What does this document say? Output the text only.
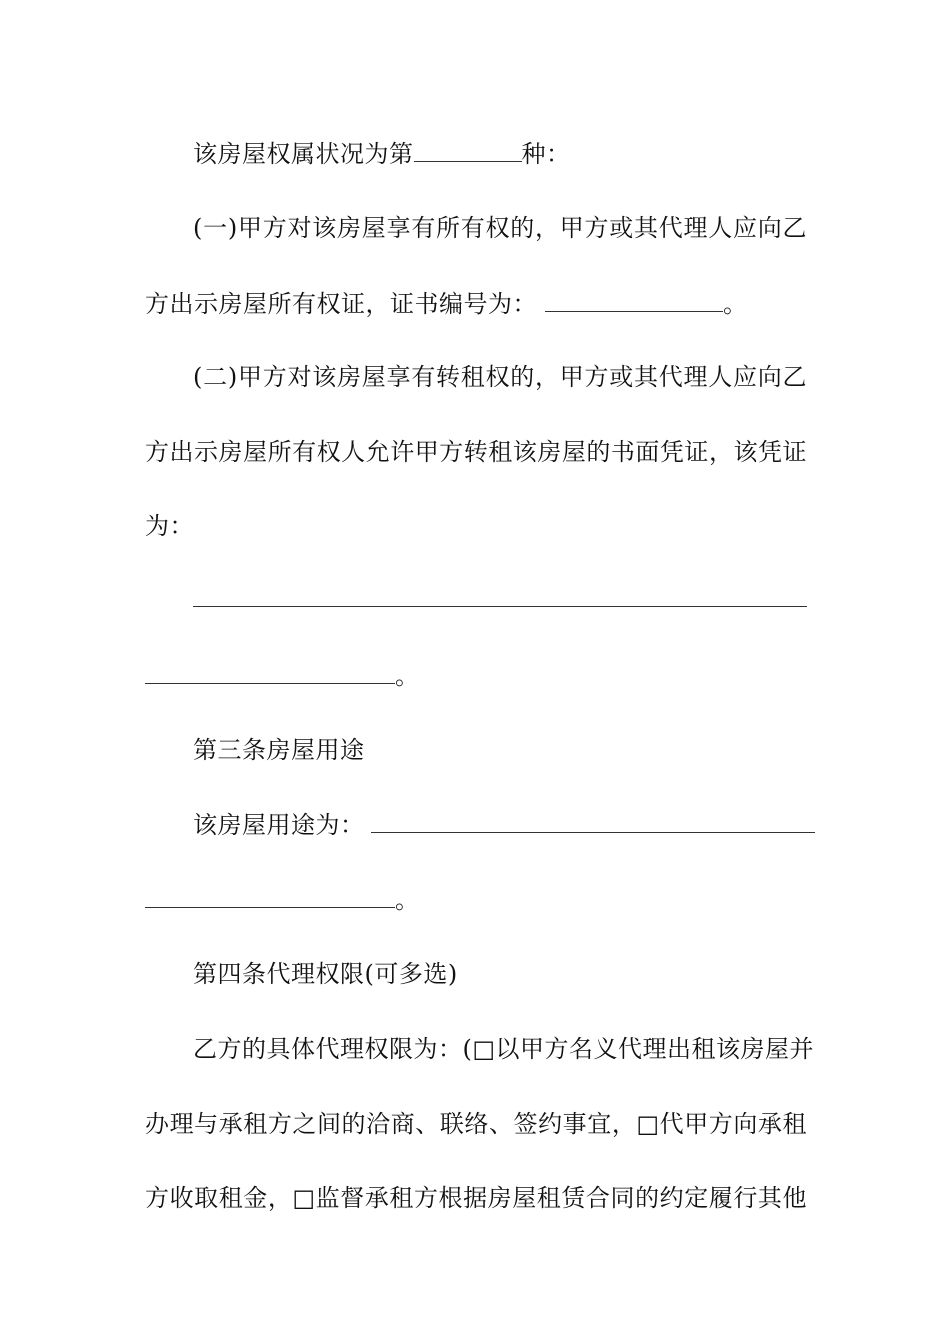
该房屋权属状况为第	种：
(一)甲方对该房屋享有所有权的，甲方或其代理人应向乙
方出示房屋所有权证，证书编号为：	。
(二)甲方对该房屋享有转租权的，甲方或其代理人应向乙
方出示房屋所有权人允许甲方转租该房屋的书面凭证，该凭证
为：
。
第三条房屋用途
该房屋用途为：
。
第四条代理权限(可多选)
乙方的具体代理权限为：(□以甲方名义代理出租该房屋并
办理与承租方之间的洽商、联络、签约事宜，□代甲方向承租
方收取租金，□监督承租方根据房屋租赁合同的约定履行其他
